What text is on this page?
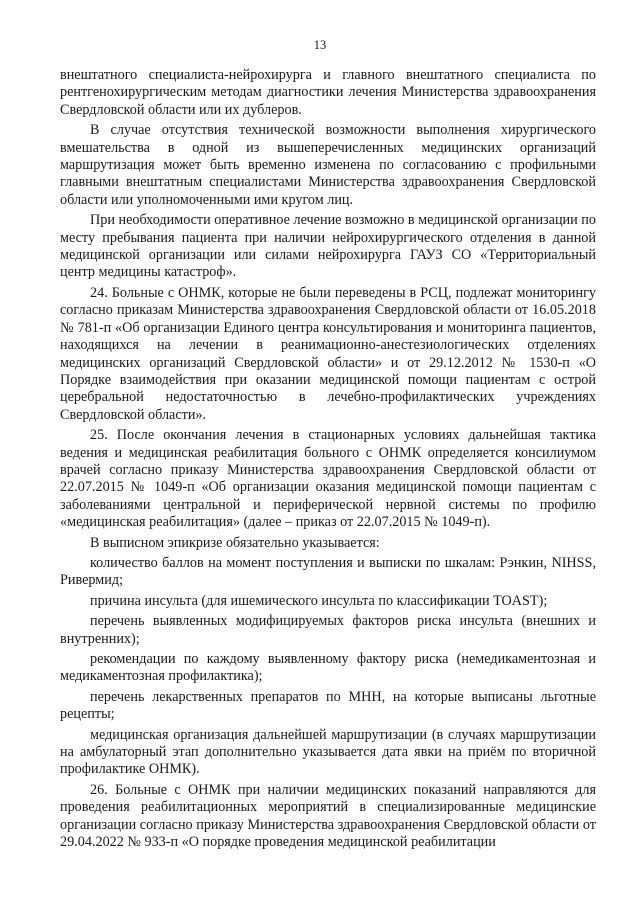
13

внештатного специалиста-нейрохирурга и главного внештатного специалиста по рентгенохирургическим методам диагностики лечения Министерства здравоохранения Свердловской области или их дублеров.

В случае отсутствия технической возможности выполнения хирургического вмешательства в одной из вышеперечисленных медицинских организаций маршрутизация может быть временно изменена по согласованию с профильными главными внештатным специалистами Министерства здравоохранения Свердловской области или уполномоченными ими кругом лиц.

При необходимости оперативное лечение возможно в медицинской организации по месту пребывания пациента при наличии нейрохирургического отделения в данной медицинской организации или силами нейрохирурга ГАУЗ СО «Территориальный центр медицины катастроф».

24. Больные с ОНМК, которые не были переведены в РСЦ, подлежат мониторингу согласно приказам Министерства здравоохранения Свердловской области от 16.05.2018 № 781-п «Об организации Единого центра консультирования и мониторинга пациентов, находящихся на лечении в реанимационно-анестезиологических отделениях медицинских организаций Свердловской области» и от 29.12.2012 № 1530-п «О Порядке взаимодействия при оказании медицинской помощи пациентам с острой церебральной недостаточностью в лечебно-профилактических учреждениях Свердловской области».

25. После окончания лечения в стационарных условиях дальнейшая тактика ведения и медицинская реабилитация больного с ОНМК определяется консилиумом врачей согласно приказу Министерства здравоохранения Свердловской области от 22.07.2015 № 1049-п «Об организации оказания медицинской помощи пациентам с заболеваниями центральной и периферической нервной системы по профилю «медицинская реабилитация» (далее – приказ от 22.07.2015 № 1049-п).

В выписном эпикризе обязательно указывается:

количество баллов на момент поступления и выписки по шкалам: Рэнкин, NIHSS, Ривермид;

причина инсульта (для ишемического инсульта по классификации TOAST);

перечень выявленных модифицируемых факторов риска инсульта (внешних и внутренних);

рекомендации по каждому выявленному фактору риска (немедикаментозная и медикаментозная профилактика);

перечень лекарственных препаратов по МНН, на которые выписаны льготные рецепты;

медицинская организация дальнейшей маршрутизации (в случаях маршрутизации на амбулаторный этап дополнительно указывается дата явки на приём по вторичной профилактике ОНМК).

26. Больные с ОНМК при наличии медицинских показаний направляются для проведения реабилитационных мероприятий в специализированные медицинские организации согласно приказу Министерства здравоохранения Свердловской области от 29.04.2022 № 933-п «О порядке проведения медицинской реабилитации
